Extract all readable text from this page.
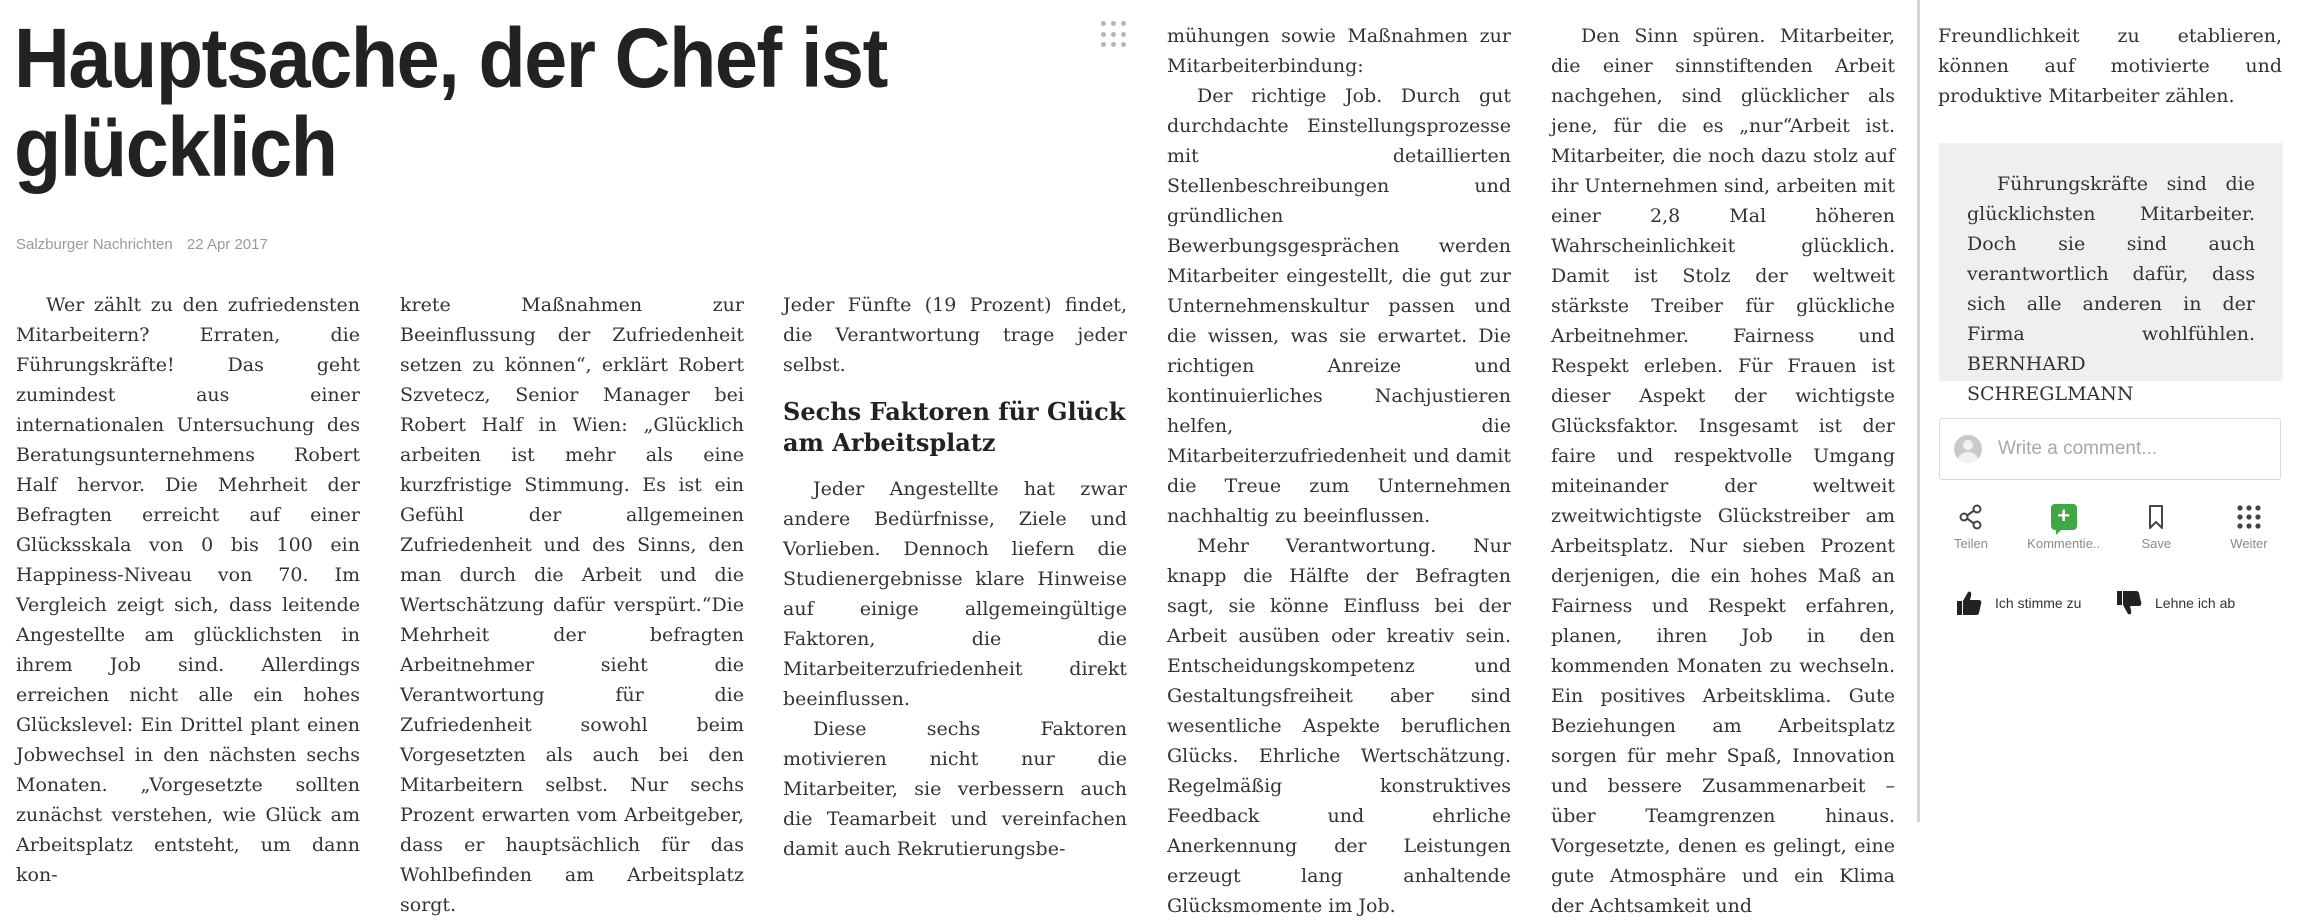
Hauptsache, der Chef ist glücklich
Salzburger Nachrichten 22 Apr 2017

Wer zählt zu den zufriedensten Mitarbeitern? Erraten, die Führungskräfte! Das geht zumindest aus einer internationalen Untersuchung des Beratungsunternehmens Robert Half hervor. Die Mehrheit der Befragten erreicht auf einer Glücksskala von 0 bis 100 ein Happiness-Niveau von 70. Im Vergleich zeigt sich, dass leitende Angestellte am glücklichsten in ihrem Job sind. Allerdings erreichen nicht alle ein hohes Glückslevel: Ein Drittel plant einen Jobwechsel in den nächsten sechs Monaten. „Vorgesetzte sollten zunächst verstehen, wie Glück am Arbeitsplatz entsteht, um dann kon-

krete Maßnahmen zur Beeinflussung der Zufriedenheit setzen zu können“, erklärt Robert Szvetecz, Senior Manager bei Robert Half in Wien: „Glücklich arbeiten ist mehr als eine kurzfristige Stimmung. Es ist ein Gefühl der allgemeinen Zufriedenheit und des Sinns, den man durch die Arbeit und die Wertschätzung dafür verspürt.“Die Mehrheit der befragten Arbeitnehmer sieht die Verantwortung für die Zufriedenheit sowohl beim Vorgesetzten als auch bei den Mitarbeitern selbst. Nur sechs Prozent erwarten vom Arbeitgeber, dass er hauptsächlich für das Wohlbefinden am Arbeitsplatz sorgt.

Jeder Fünfte (19 Prozent) findet, die Verantwortung trage jeder selbst.

Sechs Faktoren für Glück am Arbeitsplatz

Jeder Angestellte hat zwar andere Bedürfnisse, Ziele und Vorlieben. Dennoch liefern die Studienergebnisse klare Hinweise auf einige allgemeingültige Faktoren, die die Mitarbeiterzufriedenheit direkt beeinflussen.

Diese sechs Faktoren motivieren nicht nur die Mitarbeiter, sie verbessern auch die Teamarbeit und vereinfachen damit auch Rekrutierungsbe-

mühungen sowie Maßnahmen zur Mitarbeiterbindung:

Der richtige Job. Durch gut durchdachte Einstellungsprozesse mit detaillierten Stellenbeschreibungen und gründlichen Bewerbungsgesprächen werden Mitarbeiter eingestellt, die gut zur Unternehmenskultur passen und die wissen, was sie erwartet. Die richtigen Anreize und kontinuierliches Nachjustieren helfen, die Mitarbeiterzufriedenheit und damit die Treue zum Unternehmen nachhaltig zu beeinflussen.

Mehr Verantwortung. Nur knapp die Hälfte der Befragten sagt, sie könne Einfluss bei der Arbeit ausüben oder kreativ sein. Entscheidungskompetenz und Gestaltungsfreiheit aber sind wesentliche Aspekte beruflichen Glücks. Ehrliche Wertschätzung. Regelmäßig konstruktives Feedback und ehrliche Anerkennung der Leistungen erzeugt lang anhaltende Glücksmomente im Job.

Den Sinn spüren. Mitarbeiter, die einer sinnstiftenden Arbeit nachgehen, sind glücklicher als jene, für die es „nur“Arbeit ist. Mitarbeiter, die noch dazu stolz auf ihr Unternehmen sind, arbeiten mit einer 2,8 Mal höheren Wahrscheinlichkeit glücklich. Damit ist Stolz der weltweit stärkste Treiber für glückliche Arbeitnehmer. Fairness und Respekt erleben. Für Frauen ist dieser Aspekt der wichtigste Glücksfaktor. Insgesamt ist der faire und respektvolle Umgang miteinander der weltweit zweitwichtigste Glückstreiber am Arbeitsplatz. Nur sieben Prozent derjenigen, die ein hohes Maß an Fairness und Respekt erfahren, planen, ihren Job in den kommenden Monaten zu wechseln. Ein positives Arbeitsklima. Gute Beziehungen am Arbeitsplatz sorgen für mehr Spaß, Innovation und bessere Zusammenarbeit – über Teamgrenzen hinaus. Vorgesetzte, denen es gelingt, eine gute Atmosphäre und ein Klima der Achtsamkeit und

Freundlichkeit zu etablieren, können auf motivierte und produktive Mitarbeiter zählen.

Führungskräfte sind die glücklichsten Mitarbeiter. Doch sie sind auch verantwortlich dafür, dass sich alle anderen in der Firma wohlfühlen. BERNHARD SCHREGLMANN

Write a comment...
Teilen
+
Kommentie..	Save	Weiter
Ich stimme zu	Lehne ich ab
